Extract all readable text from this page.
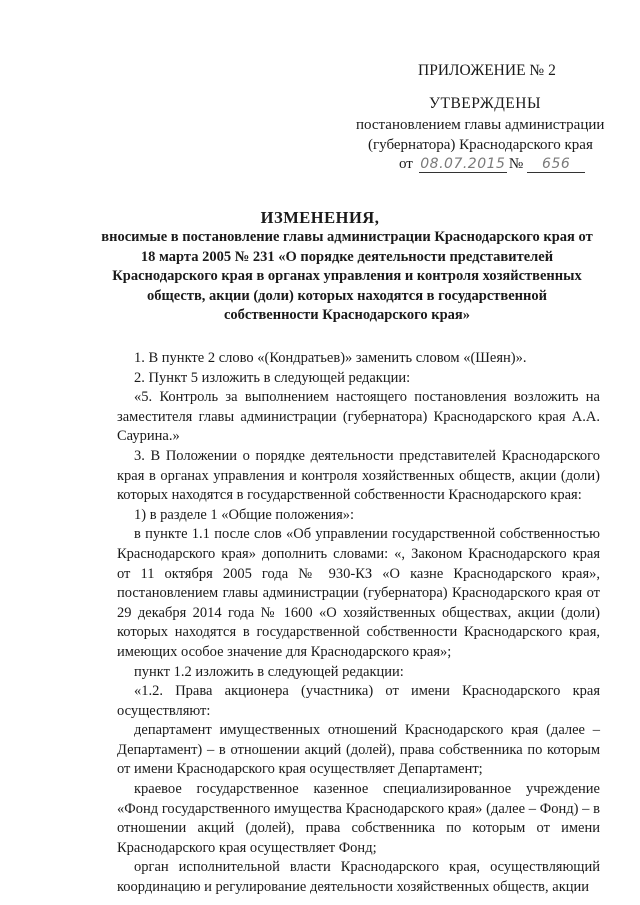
ПРИЛОЖЕНИЕ № 2
УТВЕРЖДЕНЫ
постановлением главы администрации
(губернатора) Краснодарского края
от 08.07.2015 № 656
ИЗМЕНЕНИЯ,
вносимые в постановление главы администрации Краснодарского края от 18 марта 2005 № 231 «О порядке деятельности представителей Краснодарского края в органах управления и контроля хозяйственных обществ, акции (доли) которых находятся в государственной собственности Краснодарского края»

1. В пункте 2 слово «(Кондратьев)» заменить словом «(Шеян)».

2. Пункт 5 изложить в следующей редакции:

«5. Контроль за выполнением настоящего постановления возложить на заместителя главы администрации (губернатора) Краснодарского края А.А. Саурина.»

3. В Положении о порядке деятельности представителей Краснодарского края в органах управления и контроля хозяйственных обществ, акции (доли) которых находятся в государственной собственности Краснодарского края:

1) в разделе 1 «Общие положения»:

в пункте 1.1 после слов «Об управлении государственной собственностью Краснодарского края» дополнить словами: «, Законом Краснодарского края от 11 октября 2005 года № 930-КЗ «О казне Краснодарского края», постановлением главы администрации (губернатора) Краснодарского края от 29 декабря 2014 года № 1600 «О хозяйственных обществах, акции (доли) которых находятся в государственной собственности Краснодарского края, имеющих особое значение для Краснодарского края»;

пункт 1.2 изложить в следующей редакции:

«1.2. Права акционера (участника) от имени Краснодарского края осуществляют:

департамент имущественных отношений Краснодарского края (далее – Департамент) – в отношении акций (долей), права собственника по которым от имени Краснодарского края осуществляет Департамент;

краевое государственное казенное специализированное учреждение «Фонд государственного имущества Краснодарского края» (далее – Фонд) – в отношении акций (долей), права собственника по которым от имени Краснодарского края осуществляет Фонд;

орган исполнительной власти Краснодарского края, осуществляющий координацию и регулирование деятельности хозяйственных обществ, акции
